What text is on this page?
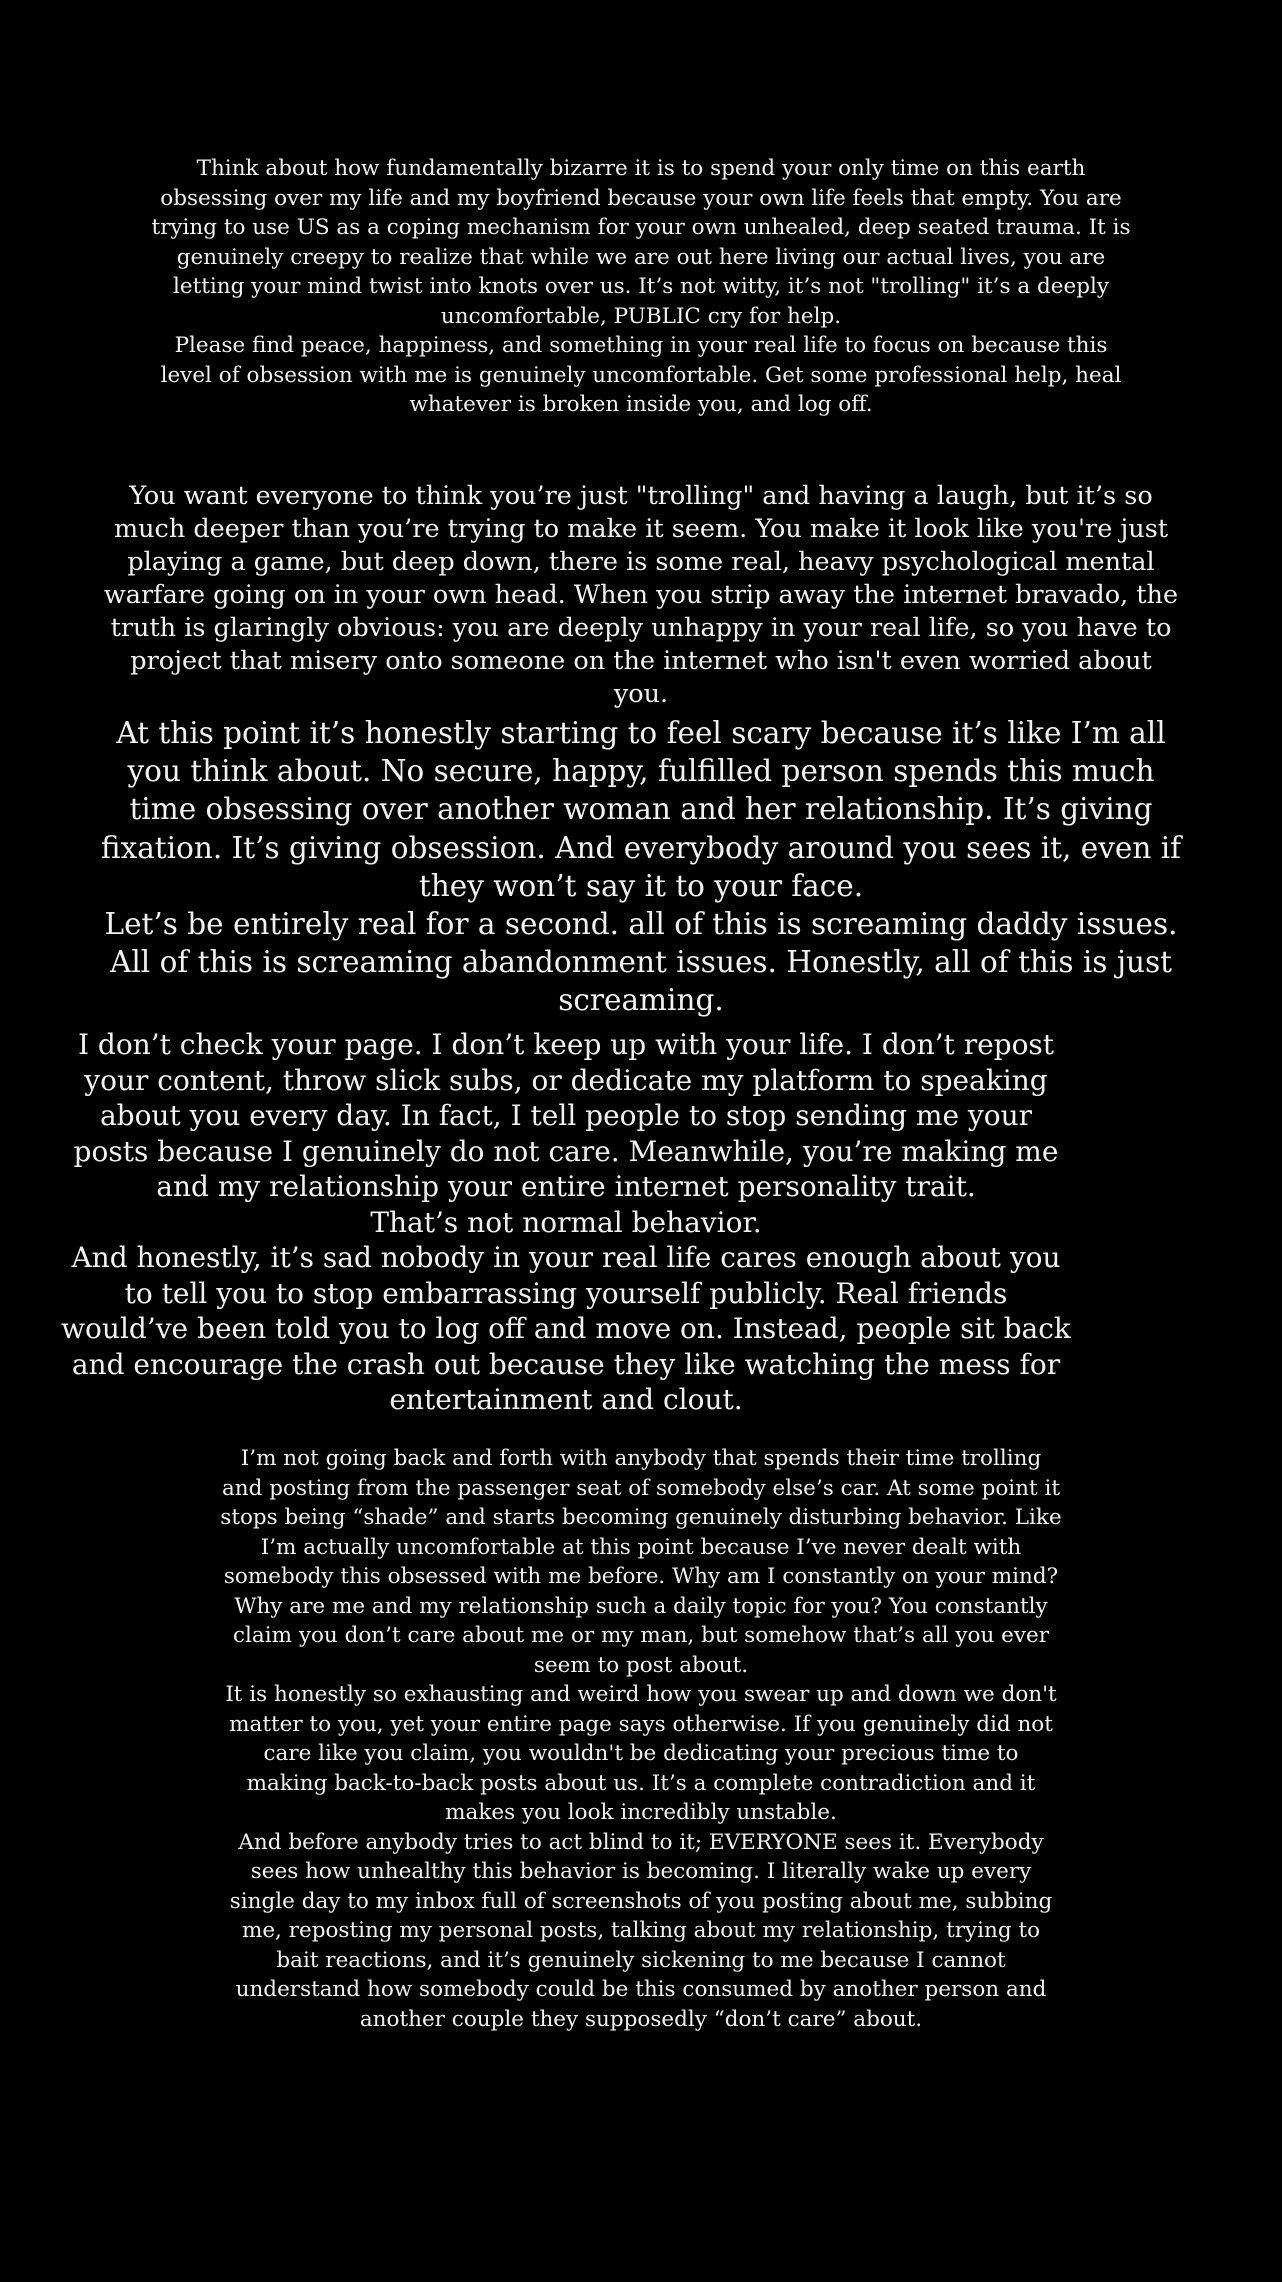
Think about how fundamentally bizarre it is to spend your only time on this earth obsessing over my life and my boyfriend because your own life feels that empty. You are trying to use US as a coping mechanism for your own unhealed, deep seated trauma. It is genuinely creepy to realize that while we are out here living our actual lives, you are letting your mind twist into knots over us. It’s not witty, it’s not "trolling" it’s a deeply uncomfortable, PUBLIC cry for help.

Please find peace, happiness, and something in your real life to focus on because this level of obsession with me is genuinely uncomfortable. Get some professional help, heal whatever is broken inside you, and log off.

You want everyone to think you’re just "trolling" and having a laugh, but it’s so much deeper than you’re trying to make it seem. You make it look like you're just playing a game, but deep down, there is some real, heavy psychological mental warfare going on in your own head. When you strip away the internet bravado, the truth is glaringly obvious: you are deeply unhappy in your real life, so you have to project that misery onto someone on the internet who isn't even worried about you.

At this point it’s honestly starting to feel scary because it’s like I’m all you think about. No secure, happy, fulfilled person spends this much time obsessing over another woman and her relationship. It’s giving fixation. It’s giving obsession. And everybody around you sees it, even if they won’t say it to your face.

Let’s be entirely real for a second. all of this is screaming daddy issues. All of this is screaming abandonment issues. Honestly, all of this is just screaming.

I don’t check your page. I don’t keep up with your life. I don’t repost your content, throw slick subs, or dedicate my platform to speaking about you every day. In fact, I tell people to stop sending me your posts because I genuinely do not care. Meanwhile, you’re making me and my relationship your entire internet personality trait.

That’s not normal behavior.

And honestly, it’s sad nobody in your real life cares enough about you to tell you to stop embarrassing yourself publicly. Real friends would’ve been told you to log off and move on. Instead, people sit back and encourage the crash out because they like watching the mess for entertainment and clout.

I’m not going back and forth with anybody that spends their time trolling and posting from the passenger seat of somebody else’s car. At some point it stops being “shade” and starts becoming genuinely disturbing behavior. Like I’m actually uncomfortable at this point because I’ve never dealt with somebody this obsessed with me before. Why am I constantly on your mind? Why are me and my relationship such a daily topic for you? You constantly claim you don’t care about me or my man, but somehow that’s all you ever seem to post about.

It is honestly so exhausting and weird how you swear up and down we don't matter to you, yet your entire page says otherwise. If you genuinely did not care like you claim, you wouldn't be dedicating your precious time to making back-to-back posts about us. It’s a complete contradiction and it makes you look incredibly unstable.

And before anybody tries to act blind to it; EVERYONE sees it. Everybody sees how unhealthy this behavior is becoming. I literally wake up every single day to my inbox full of screenshots of you posting about me, subbing me, reposting my personal posts, talking about my relationship, trying to bait reactions, and it’s genuinely sickening to me because I cannot understand how somebody could be this consumed by another person and another couple they supposedly “don’t care” about.
